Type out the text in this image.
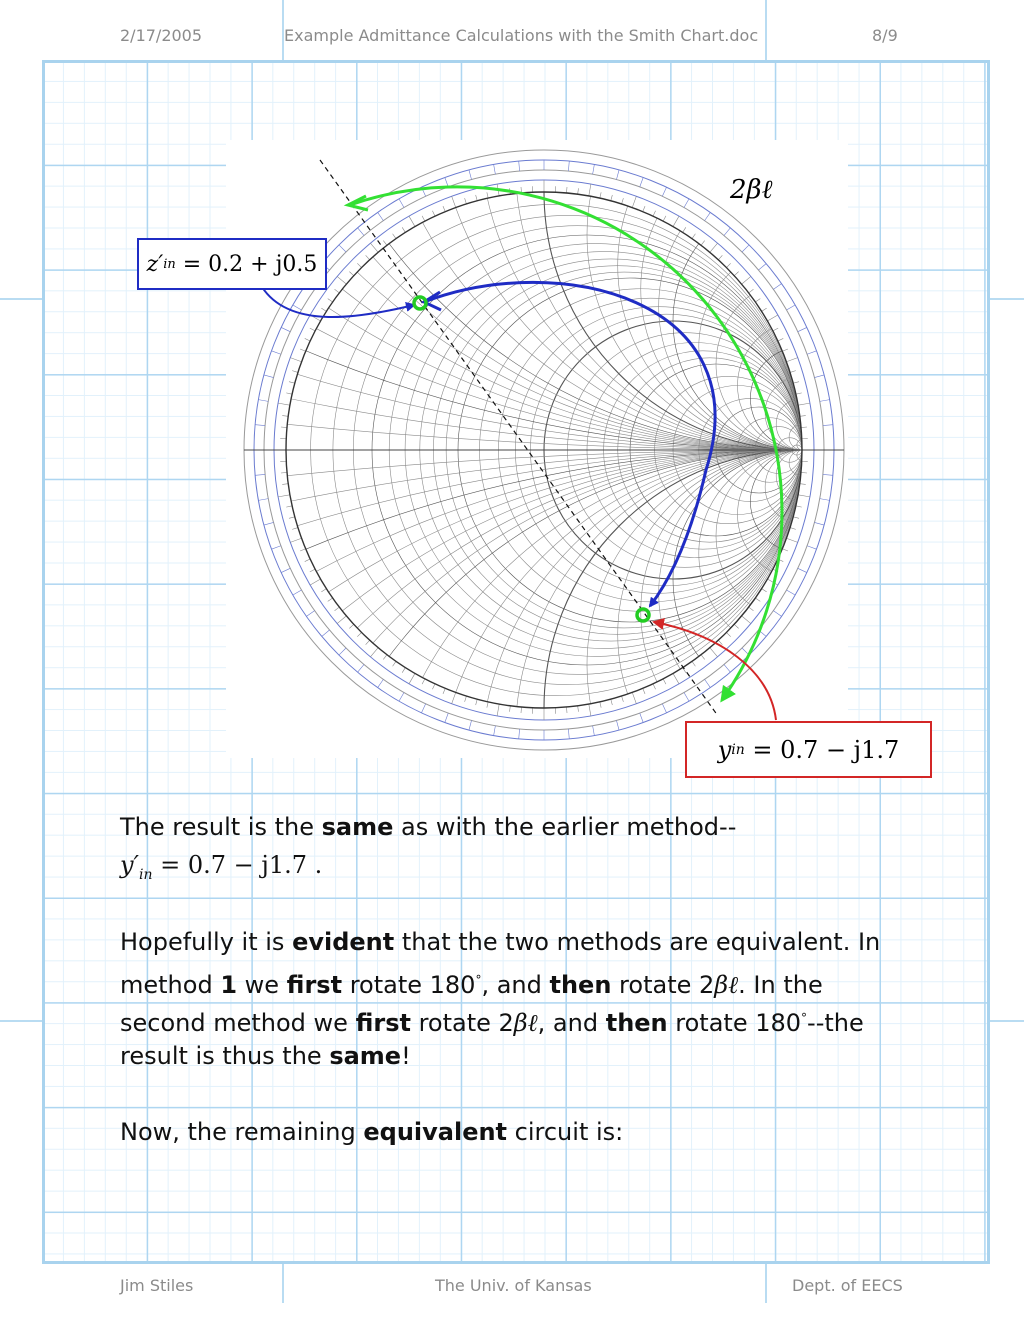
2/17/2005	Example Admittance Calculations with the Smith Chart.doc	8/9
2βℓ
z′ in
= 0.2 + j0.5
y in
= 0.7 − j1.7
The result is the same as with the earlier method--
$y'_{in} = 0.7 - j1.7$ .
Hopefully it is evident that the two methods are equivalent. In
method 1 we first rotate 180°, and then rotate 2βℓ. In the
second method we first rotate 2βℓ, and then rotate 180°--the
result is thus the same!
Now, the remaining equivalent circuit is:
Jim Stiles	The Univ. of Kansas	Dept. of EECS
